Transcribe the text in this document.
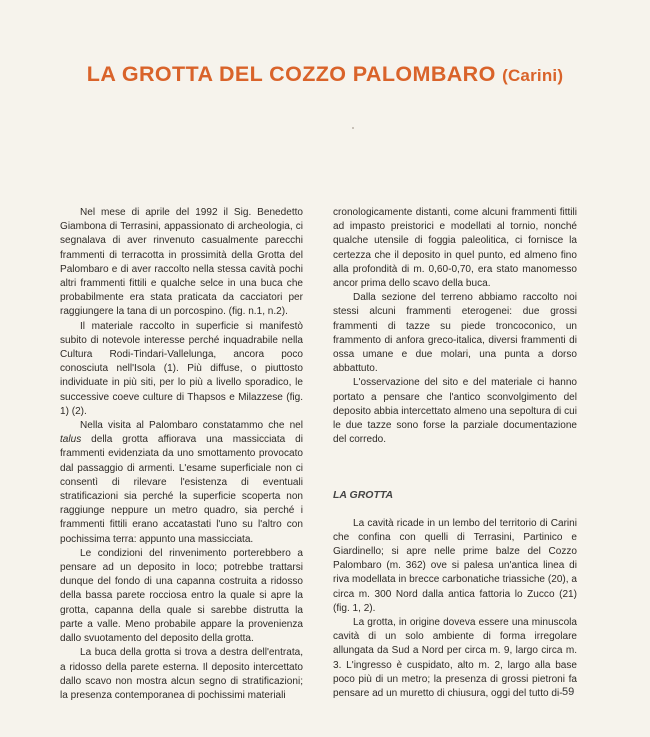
LA GROTTA DEL COZZO PALOMBARO (Carini)

Nel mese di aprile del 1992 il Sig. Benedetto Giambona di Terrasini, appassionato di archeologia, ci segnalava di aver rinvenuto casualmente parecchi frammenti di terracotta in prossimità della Grotta del Palombaro e di aver raccolto nella stessa cavità pochi altri frammenti fittili e qualche selce in una buca che probabilmente era stata praticata da cacciatori per raggiungere la tana di un porcospino. (fig. n.1, n.2).

Il materiale raccolto in superficie si manifestò subito di notevole interesse perché inquadrabile nella Cultura Rodi-Tindari-Vallelunga, ancora poco conosciuta nell'Isola (1). Più diffuse, o piuttosto individuate in più siti, per lo più a livello sporadico, le successive coeve culture di Thapsos e Milazzese (fig. 1) (2).

Nella visita al Palombaro constatammo che nel talus della grotta affiorava una massicciata di frammenti evidenziata da uno smottamento provocato dal passaggio di armenti. L'esame superficiale non ci consentì di rilevare l'esistenza di eventuali stratificazioni sia perché la superficie scoperta non raggiunge neppure un metro quadro, sia perché i frammenti fittili erano accatastati l'uno su l'altro con pochissima terra: appunto una massicciata.

Le condizioni del rinvenimento porterebbero a pensare ad un deposito in loco; potrebbe trattarsi dunque del fondo di una capanna costruita a ridosso della bassa parete rocciosa entro la quale si apre la grotta, capanna della quale si sarebbe distrutta la parte a valle. Meno probabile appare la provenienza dallo svuotamento del deposito della grotta.

La buca della grotta si trova a destra dell'entrata, a ridosso della parete esterna. Il deposito intercettato dallo scavo non mostra alcun segno di stratificazioni; la presenza contemporanea di pochissimi materiali

cronologicamente distanti, come alcuni frammenti fittili ad impasto preistorici e modellati al tornio, nonché qualche utensile di foggia paleolitica, ci fornisce la certezza che il deposito in quel punto, ed almeno fino alla profondità di m. 0,60-0,70, era stato manomesso ancor prima dello scavo della buca.

Dalla sezione del terreno abbiamo raccolto noi stessi alcuni frammenti eterogenei: due grossi frammenti di tazze su piede troncoconico, un frammento di anfora greco-italica, diversi frammenti di ossa umane e due molari, una punta a dorso abbattuto.

L'osservazione del sito e del materiale ci hanno portato a pensare che l'antico sconvolgimento del deposito abbia intercettato almeno una sepoltura di cui le due tazze sono forse la parziale documentazione del corredo.

LA GROTTA

La cavità ricade in un lembo del territorio di Carini che confina con quelli di Terrasini, Partinico e Giardinello; si apre nelle prime balze del Cozzo Palombaro (m. 362) ove si palesa un'antica linea di riva modellata in brecce carbonatiche triassiche (20), a circa m. 300 Nord dalla antica fattoria lo Zucco (21) (fig. 1, 2).

La grotta, in origine doveva essere una minuscola cavità di un solo ambiente di forma irregolare allungata da Sud a Nord per circa m. 9, largo circa m. 3. L'ingresso è cuspidato, alto m. 2, largo alla base poco più di un metro; la presenza di grossi pietroni fa pensare ad un muretto di chiusura, oggi del tutto di- 59
